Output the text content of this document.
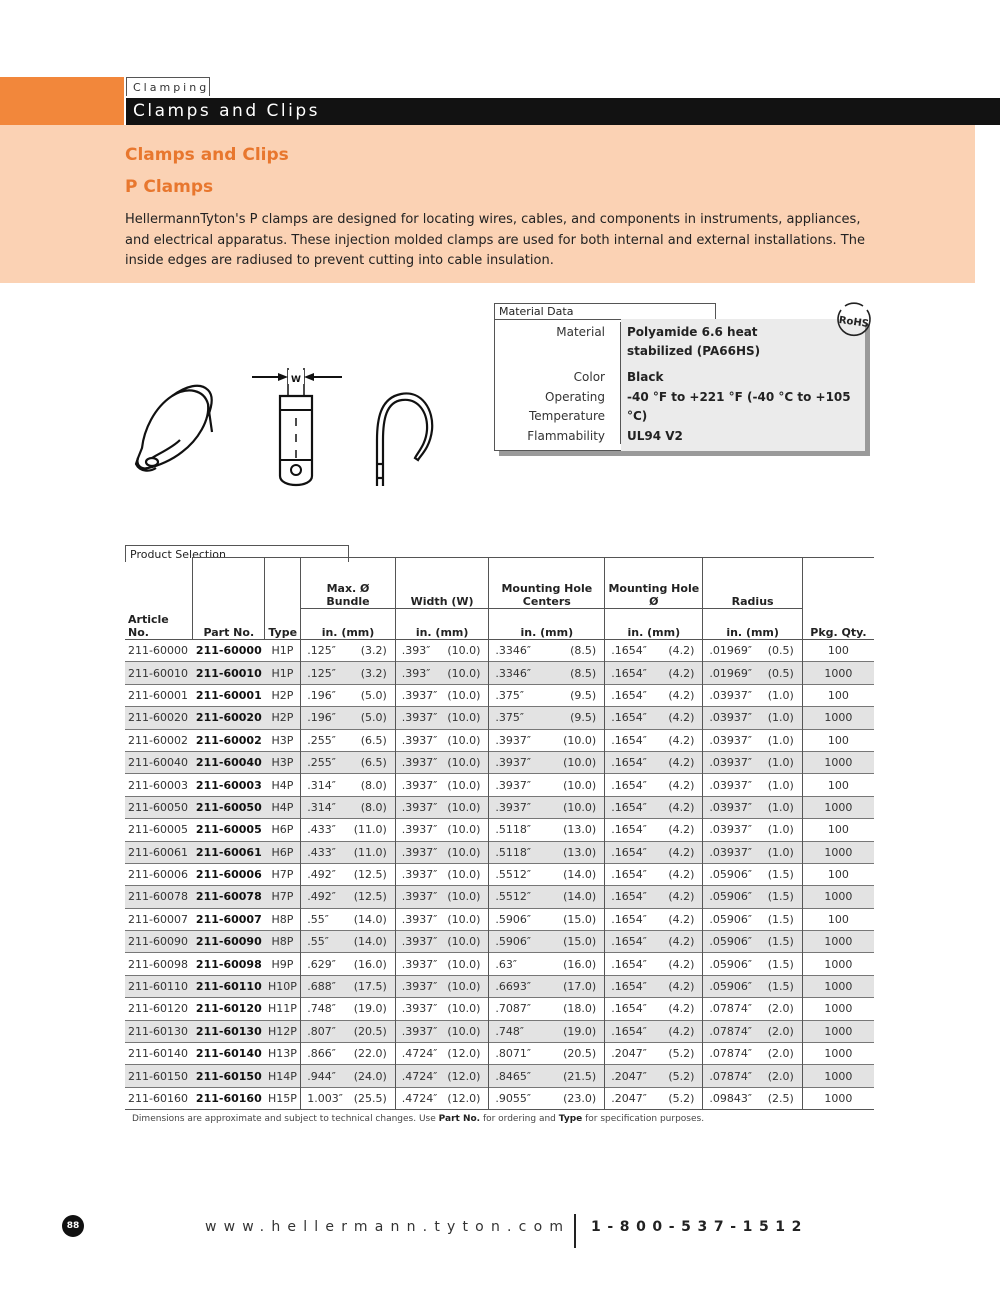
Clamping
Clamps and Clips
Clamps and Clips
P Clamps

HellermannTyton's P clamps are designed for locating wires, cables, and components in instruments, appliances, and electrical apparatus. These injection molded clamps are used for both internal and external installations. The inside edges are radiused to prevent cutting into cable insulation.

W
Material Data
Material Polyamide 6.6 heat stabilized (PA66HS)
Color Black
Operating Temperature
-40 °F to +221 °F (-40 °C to +105 °C)
Flammability UL94 V2
RoHS
Product Selection
			Max. Ø Bundle	Width (W)	Mounting Hole Centers	Mounting Hole Ø	Radius	
Article No.	Part No.	Type	in. (mm)	in. (mm)	in. (mm)	in. (mm)	in. (mm)	Pkg. Qty.
211-60000	211-60000	H1P	.125″ (3.2)	.393″ (10.0)	.3346″ (8.5)	.1654″ (4.2)	.01969″ (0.5)	100
211-60010	211-60010	H1P	.125″ (3.2)	.393″ (10.0)	.3346″ (8.5)	.1654″ (4.2)	.01969″ (0.5)	1000
211-60001	211-60001	H2P	.196″ (5.0)	.3937″ (10.0)	.375″ (9.5)	.1654″ (4.2)	.03937″ (1.0)	100
211-60020	211-60020	H2P	.196″ (5.0)	.3937″ (10.0)	.375″ (9.5)	.1654″ (4.2)	.03937″ (1.0)	1000
211-60002	211-60002	H3P	.255″ (6.5)	.3937″ (10.0)	.3937″ (10.0)	.1654″ (4.2)	.03937″ (1.0)	100
211-60040	211-60040	H3P	.255″ (6.5)	.3937″ (10.0)	.3937″ (10.0)	.1654″ (4.2)	.03937″ (1.0)	1000
211-60003	211-60003	H4P	.314″ (8.0)	.3937″ (10.0)	.3937″ (10.0)	.1654″ (4.2)	.03937″ (1.0)	100
211-60050	211-60050	H4P	.314″ (8.0)	.3937″ (10.0)	.3937″ (10.0)	.1654″ (4.2)	.03937″ (1.0)	1000
211-60005	211-60005	H6P	.433″ (11.0)	.3937″ (10.0)	.5118″ (13.0)	.1654″ (4.2)	.03937″ (1.0)	100
211-60061	211-60061	H6P	.433″ (11.0)	.3937″ (10.0)	.5118″ (13.0)	.1654″ (4.2)	.03937″ (1.0)	1000
211-60006	211-60006	H7P	.492″ (12.5)	.3937″ (10.0)	.5512″ (14.0)	.1654″ (4.2)	.05906″ (1.5)	100
211-60078	211-60078	H7P	.492″ (12.5)	.3937″ (10.0)	.5512″ (14.0)	.1654″ (4.2)	.05906″ (1.5)	1000
211-60007	211-60007	H8P	.55″ (14.0)	.3937″ (10.0)	.5906″ (15.0)	.1654″ (4.2)	.05906″ (1.5)	100
211-60090	211-60090	H8P	.55″ (14.0)	.3937″ (10.0)	.5906″ (15.0)	.1654″ (4.2)	.05906″ (1.5)	1000
211-60098	211-60098	H9P	.629″ (16.0)	.3937″ (10.0)	.63″ (16.0)	.1654″ (4.2)	.05906″ (1.5)	1000
211-60110	211-60110	H10P	.688″ (17.5)	.3937″ (10.0)	.6693″ (17.0)	.1654″ (4.2)	.05906″ (1.5)	1000
211-60120	211-60120	H11P	.748″ (19.0)	.3937″ (10.0)	.7087″ (18.0)	.1654″ (4.2)	.07874″ (2.0)	1000
211-60130	211-60130	H12P	.807″ (20.5)	.3937″ (10.0)	.748″ (19.0)	.1654″ (4.2)	.07874″ (2.0)	1000
211-60140	211-60140	H13P	.866″ (22.0)	.4724″ (12.0)	.8071″ (20.5)	.2047″ (5.2)	.07874″ (2.0)	1000
211-60150	211-60150	H14P	.944″ (24.0)	.4724″ (12.0)	.8465″ (21.5)	.2047″ (5.2)	.07874″ (2.0)	1000
211-60160	211-60160	H15P	1.003″ (25.5)	.4724″ (12.0)	.9055″ (23.0)	.2047″ (5.2)	.09843″ (2.5)	1000
Dimensions are approximate and subject to technical changes. Use Part No. for ordering and Type for specification purposes.
88	www.hellermann.tyton.com 1-800-537-1512
